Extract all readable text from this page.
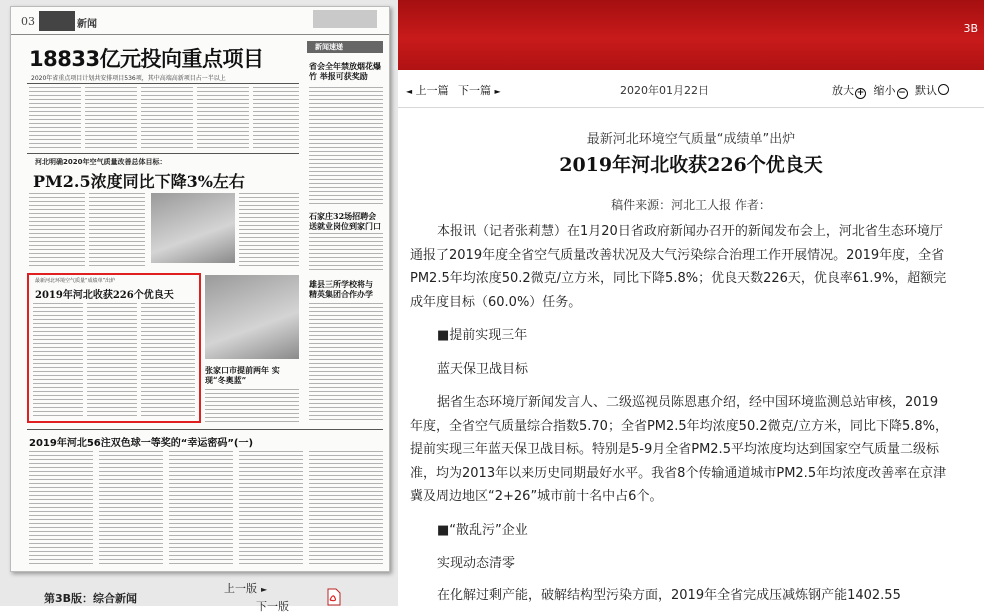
3B
03	新闻
18833亿元投向重点项目
2020年省重点项目计划共安排项目536项，其中高端高新项目占一半以上
新闻速递
省会全年禁放烟花爆竹 举报可获奖励
河北明确2020年空气质量改善总体目标：
PM2.5浓度同比下降3%左右
石家庄32场招聘会 送就业岗位到家门口
雄县三所学校将与 精英集团合作办学
最新河北环境空气质量“成绩单”出炉
2019年河北收获226个优良天
张家口市提前两年 实现“冬奥蓝”
2019年河北56注双色球一等奖的“幸运密码”(一)
第3B版：综合新闻
上一版 ►
下一版
◄ 上一篇 下一篇 ►	2020年01月22日	放大 + 缩小 − 默认
最新河北环境空气质量“成绩单”出炉
2019年河北收获226个优良天
稿件来源：河北工人报 作者：

本报讯（记者张莉慧）在1月20日省政府新闻办召开的新闻发布会上，河北省生态环境厅通报了2019年度全省空气质量改善状况及大气污染综合治理工作开展情况。2019年度，全省PM2.5年均浓度50.2微克/立方米，同比下降5.8%；优良天数226天，优良率61.9%，超额完成年度目标（60.0%）任务。

■提前实现三年

蓝天保卫战目标

据省生态环境厅新闻发言人、二级巡视员陈恩惠介绍，经中国环境监测总站审核，2019年度，全省空气质量综合指数5.70；全省PM2.5年均浓度50.2微克/立方米，同比下降5.8%，提前实现三年蓝天保卫战目标。特别是5-9月全省PM2.5平均浓度均达到国家空气质量二级标准，均为2013年以来历史同期最好水平。我省8个传输通道城市PM2.5年均浓度改善率在京津冀及周边地区“2+26”城市前十名中占6个。

■“散乱污”企业

实现动态清零

在化解过剩产能，破解结构型污染方面，2019年全省完成压减炼钢产能1402.55
